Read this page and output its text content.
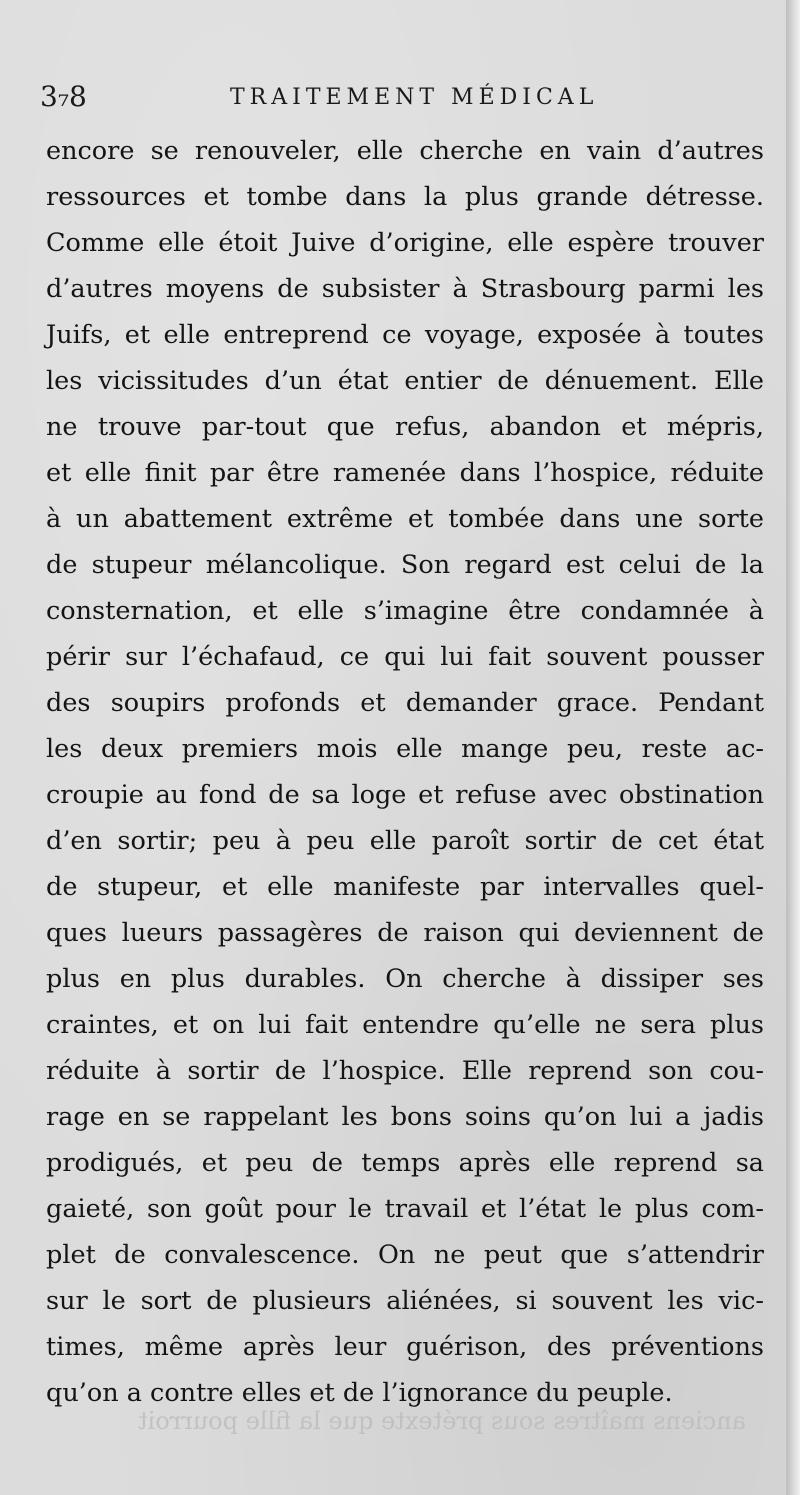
3₇8	TRAITEMENT MÉDICAL
encore se renouveler, elle cherche en vain d’autres
ressources et tombe dans la plus grande détresse.
Comme elle étoit Juive d’origine, elle espère trouver
d’autres moyens de subsister à Strasbourg parmi les
Juifs, et elle entreprend ce voyage, exposée à toutes
les vicissitudes d’un état entier de dénuement. Elle
ne trouve par-tout que refus, abandon et mépris,
et elle finit par être ramenée dans l’hospice, réduite
à un abattement extrême et tombée dans une sorte
de stupeur mélancolique. Son regard est celui de la
consternation, et elle s’imagine être condamnée à
périr sur l’échafaud, ce qui lui fait souvent pousser
des soupirs profonds et demander grace. Pendant
les deux premiers mois elle mange peu, reste ac-
croupie au fond de sa loge et refuse avec obstination
d’en sortir; peu à peu elle paroît sortir de cet état
de stupeur, et elle manifeste par intervalles quel-
ques lueurs passagères de raison qui deviennent de
plus en plus durables. On cherche à dissiper ses
craintes, et on lui fait entendre qu’elle ne sera plus
réduite à sortir de l’hospice. Elle reprend son cou-
rage en se rappelant les bons soins qu’on lui a jadis
prodigués, et peu de temps après elle reprend sa
gaieté, son goût pour le travail et l’état le plus com-
plet de convalescence. On ne peut que s’attendrir
sur le sort de plusieurs aliénées, si souvent les vic-
times, même après leur guérison, des préventions
qu’on a contre elles et de l’ignorance du peuple.
anciens maîtres sous prétexte que la fille pourroit
